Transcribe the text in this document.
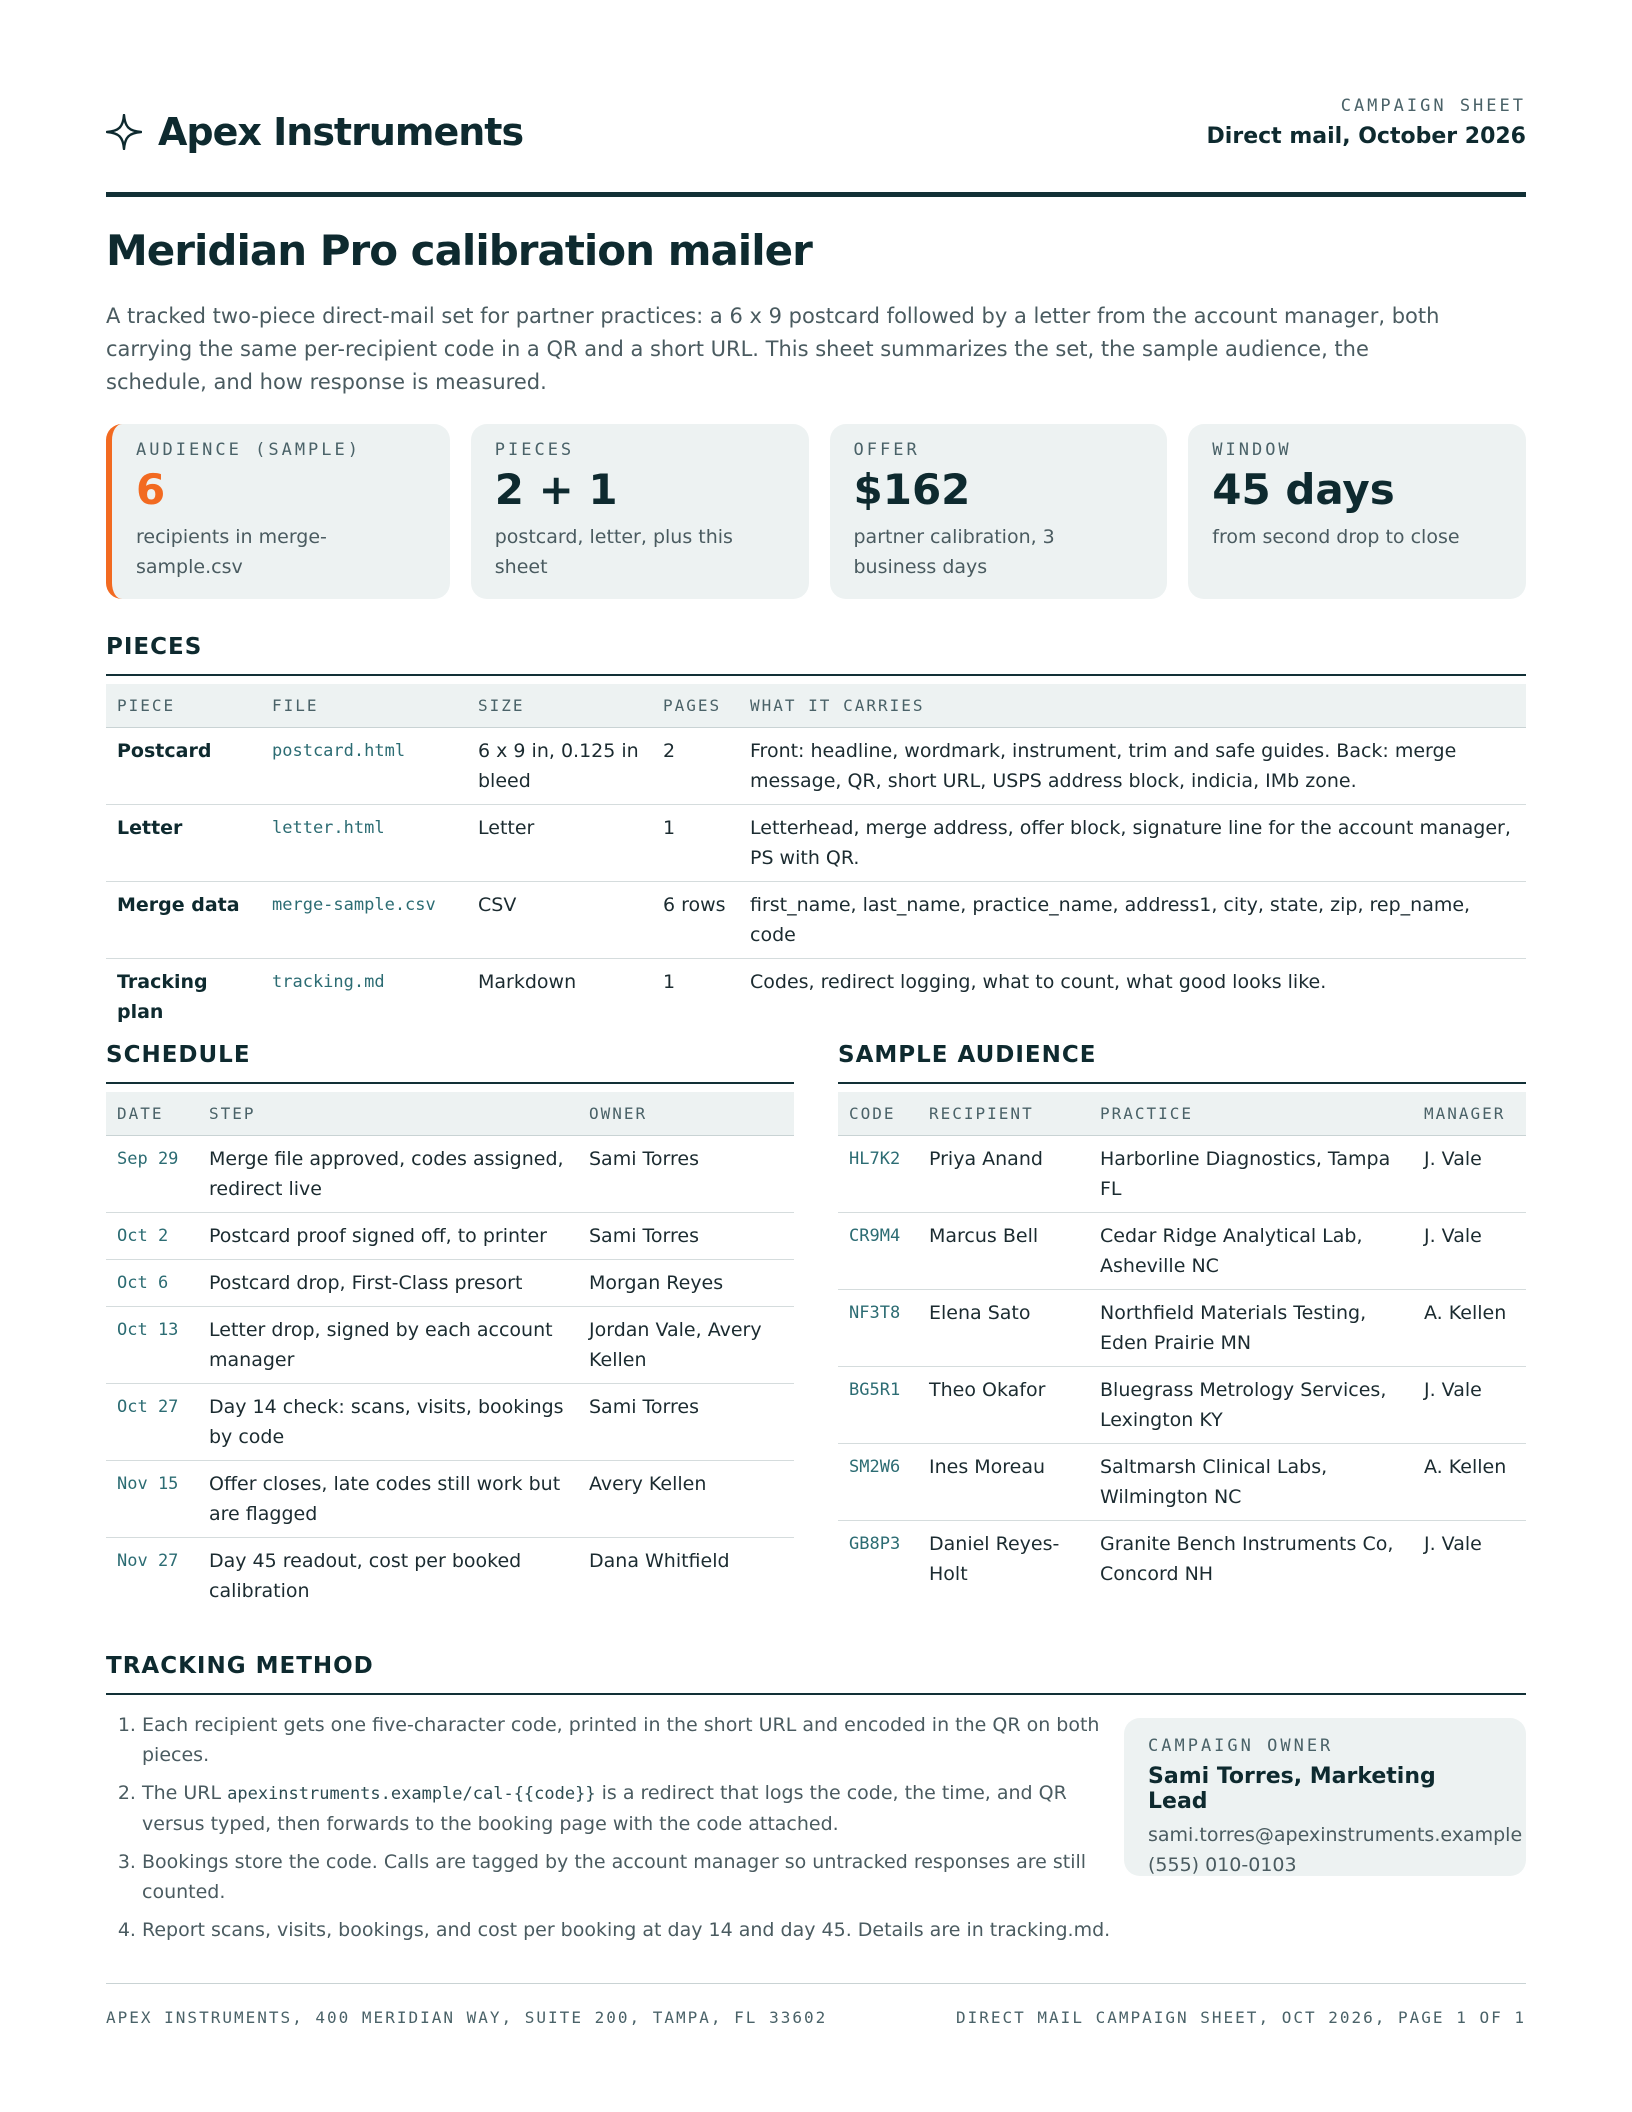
Apex Instruments
CAMPAIGN SHEET
Direct mail, October 2026
Meridian Pro calibration mailer

A tracked two-piece direct-mail set for partner practices: a 6 x 9 postcard followed by a letter from the account manager, both carrying the same per-recipient code in a QR and a short URL. This sheet summarizes the set, the sample audience, the schedule, and how response is measured.

AUDIENCE (SAMPLE)
6
recipients in merge-sample.csv
PIECES
2 + 1
postcard, letter, plus this sheet
OFFER
$162
partner calibration, 3 business days
WINDOW
45 days
from second drop to close
PIECES
PIECE	FILE	SIZE	PAGES	WHAT IT CARRIES
Postcard	postcard.html	6 x 9 in, 0.125 in bleed	2	Front: headline, wordmark, instrument, trim and safe guides. Back: merge message, QR, short URL, USPS address block, indicia, IMb zone.
Letter	letter.html	Letter	1	Letterhead, merge address, offer block, signature line for the account manager, PS with QR.
Merge data	merge-sample.csv	CSV	6 rows	first_name, last_name, practice_name, address1, city, state, zip, rep_name, code
Tracking plan	tracking.md	Markdown	1	Codes, redirect logging, what to count, what good looks like.
SCHEDULE
DATE	STEP	OWNER
Sep 29	Merge file approved, codes assigned, redirect live	Sami Torres
Oct 2	Postcard proof signed off, to printer	Sami Torres
Oct 6	Postcard drop, First-Class presort	Morgan Reyes
Oct 13	Letter drop, signed by each account manager	Jordan Vale, Avery Kellen
Oct 27	Day 14 check: scans, visits, bookings by code	Sami Torres
Nov 15	Offer closes, late codes still work but are flagged	Avery Kellen
Nov 27	Day 45 readout, cost per booked calibration	Dana Whitfield
SAMPLE AUDIENCE
CODE	RECIPIENT	PRACTICE	MANAGER
HL7K2	Priya Anand	Harborline Diagnostics, Tampa FL	J. Vale
CR9M4	Marcus Bell	Cedar Ridge Analytical Lab, Asheville NC	J. Vale
NF3T8	Elena Sato	Northfield Materials Testing, Eden Prairie MN	A. Kellen
BG5R1	Theo Okafor	Bluegrass Metrology Services, Lexington KY	J. Vale
SM2W6	Ines Moreau	Saltmarsh Clinical Labs, Wilmington NC	A. Kellen
GB8P3	Daniel Reyes-Holt	Granite Bench Instruments Co, Concord NH	J. Vale
TRACKING METHOD
1. Each recipient gets one five-character code, printed in the short URL and encoded in the QR on both pieces.
2. The URL apexinstruments.example/cal-{{code}} is a redirect that logs the code, the time, and QR versus typed, then forwards to the booking page with the code attached.
3. Bookings store the code. Calls are tagged by the account manager so untracked responses are still counted.
4. Report scans, visits, bookings, and cost per booking at day 14 and day 45. Details are in tracking.md.
CAMPAIGN OWNER
Sami Torres, Marketing Lead
sami.torres@apexinstruments.example
(555) 010-0103
APEX INSTRUMENTS, 400 MERIDIAN WAY, SUITE 200, TAMPA, FL 33602	DIRECT MAIL CAMPAIGN SHEET, OCT 2026, PAGE 1 OF 1
